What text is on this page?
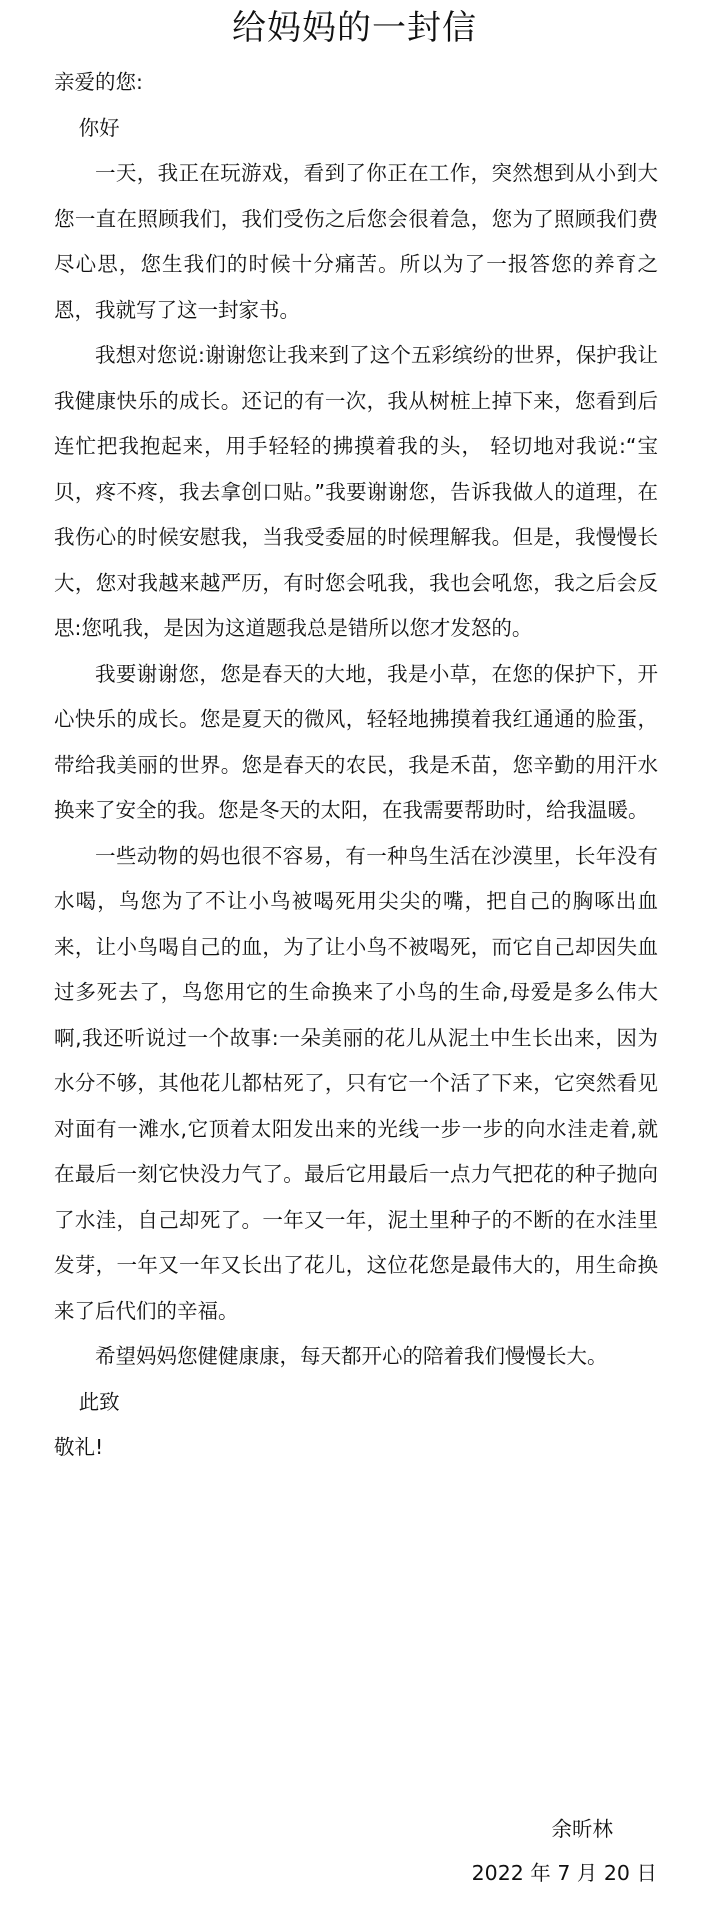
给妈妈的一封信

亲爱的您:

你好

一天，我正在玩游戏，看到了你正在工作，突然想到从小到大您一直在照顾我们，我们受伤之后您会很着急，您为了照顾我们费尽心思，您生我们的时候十分痛苦。所以为了一报答您的养育之恩，我就写了这一封家书。

我想对您说:谢谢您让我来到了这个五彩缤纷的世界，保护我让我健康快乐的成长。还记的有一次，我从树桩上掉下来，您看到后连忙把我抱起来，用手轻轻的拂摸着我的头， 轻切地对我说:“宝贝，疼不疼，我去拿创口贴。”我要谢谢您，告诉我做人的道理，在我伤心的时候安慰我，当我受委屈的时候理解我。但是，我慢慢长大，您对我越来越严历，有时您会吼我，我也会吼您，我之后会反思:您吼我，是因为这道题我总是错所以您才发怒的。

我要谢谢您，您是春天的大地，我是小草，在您的保护下，开心快乐的成长。您是夏天的微风，轻轻地拂摸着我红通通的脸蛋，带给我美丽的世界。您是春天的农民，我是禾苗，您辛勤的用汗水换来了安全的我。您是冬天的太阳，在我需要帮助时，给我温暖。

一些动物的妈也很不容易，有一种鸟生活在沙漠里，长年没有水喝，鸟您为了不让小鸟被喝死用尖尖的嘴，把自己的胸啄出血来，让小鸟喝自己的血，为了让小鸟不被喝死，而它自己却因失血过多死去了，鸟您用它的生命换来了小鸟的生命,母爱是多么伟大啊,我还听说过一个故事:一朵美丽的花儿从泥土中生长出来，因为水分不够，其他花儿都枯死了，只有它一个活了下来，它突然看见对面有一滩水,它顶着太阳发出来的光线一步一步的向水洼走着,就在最后一刻它快没力气了。最后它用最后一点力气把花的种子抛向了水洼，自己却死了。一年又一年，泥土里种子的不断的在水洼里发芽，一年又一年又长出了花儿，这位花您是最伟大的，用生命换来了后代们的辛福。

希望妈妈您健健康康，每天都开心的陪着我们慢慢长大。

此致

敬礼!

余昕林
2022 年 7 月 20 日
